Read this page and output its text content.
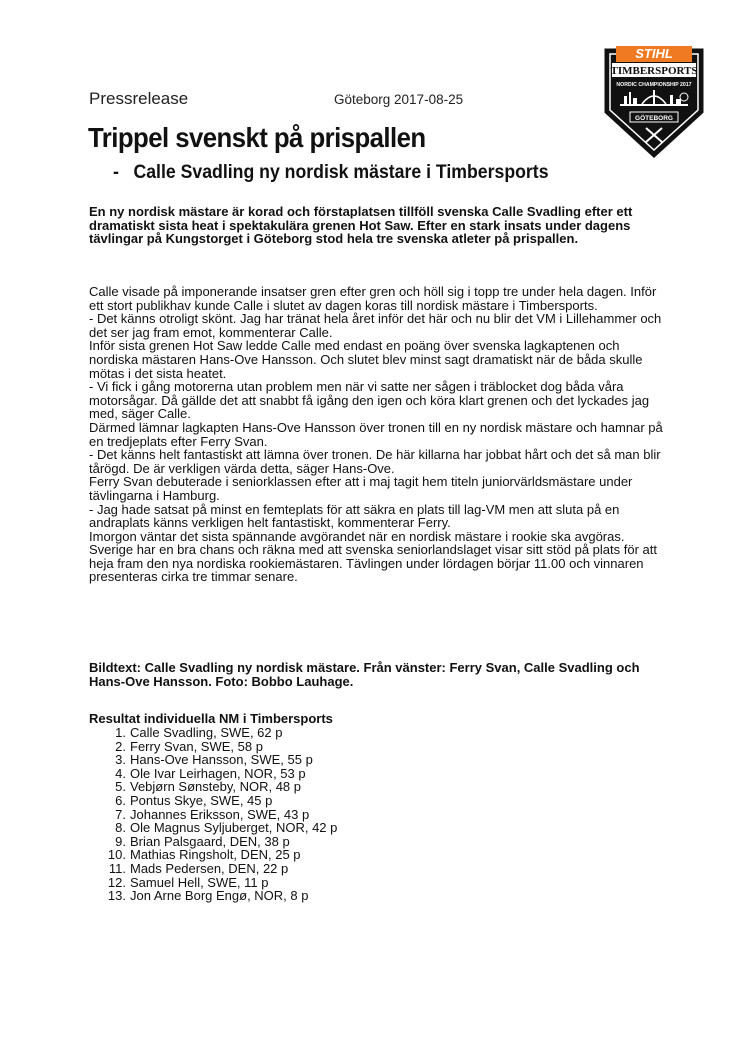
Pressrelease	Göteborg 2017-08-25
STIHL
TIMBERSPORTS
NORDIC CHAMPIONSHIP 2017
GÖTEBORG
Trippel svenskt på prispallen
- Calle Svadling ny nordisk mästare i Timbersports
En ny nordisk mästare är korad och förstaplatsen tillföll svenska Calle Svadling efter ett dramatiskt sista heat i spektakulära grenen Hot Saw. Efter en stark insats under dagens tävlingar på Kungstorget i Göteborg stod hela tre svenska atleter på prispallen.

Calle visade på imponerande insatser gren efter gren och höll sig i topp tre under hela dagen. Inför ett stort publikhav kunde Calle i slutet av dagen koras till nordisk mästare i Timbersports.

- Det känns otroligt skönt. Jag har tränat hela året inför det här och nu blir det VM i Lillehammer och det ser jag fram emot, kommenterar Calle.

Inför sista grenen Hot Saw ledde Calle med endast en poäng över svenska lagkaptenen och nordiska mästaren Hans-Ove Hansson. Och slutet blev minst sagt dramatiskt när de båda skulle mötas i det sista heatet.

- Vi fick i gång motorerna utan problem men när vi satte ner sågen i träblocket dog båda våra motorsågar. Då gällde det att snabbt få igång den igen och köra klart grenen och det lyckades jag med, säger Calle.

Därmed lämnar lagkapten Hans-Ove Hansson över tronen till en ny nordisk mästare och hamnar på en tredjeplats efter Ferry Svan.

- Det känns helt fantastiskt att lämna över tronen. De här killarna har jobbat hårt och det så man blir tårögd. De är verkligen värda detta, säger Hans-Ove.

Ferry Svan debuterade i seniorklassen efter att i maj tagit hem titeln juniorvärldsmästare under tävlingarna i Hamburg.

- Jag hade satsat på minst en femteplats för att säkra en plats till lag-VM men att sluta på en andraplats känns verkligen helt fantastiskt, kommenterar Ferry.

Imorgon väntar det sista spännande avgörandet när en nordisk mästare i rookie ska avgöras. Sverige har en bra chans och räkna med att svenska seniorlandslaget visar sitt stöd på plats för att heja fram den nya nordiska rookiemästaren. Tävlingen under lördagen börjar 11.00 och vinnaren presenteras cirka tre timmar senare.

Bildtext: Calle Svadling ny nordisk mästare. Från vänster: Ferry Svan, Calle Svadling och Hans-Ove Hansson. Foto: Bobbo Lauhage.
Resultat individuella NM i Timbersports
1. Calle Svadling, SWE, 62 p
2. Ferry Svan, SWE, 58 p
3. Hans-Ove Hansson, SWE, 55 p
4. Ole Ivar Leirhagen, NOR, 53 p
5. Vebjørn Sønsteby, NOR, 48 p
6. Pontus Skye, SWE, 45 p
7. Johannes Eriksson, SWE, 43 p
8. Ole Magnus Syljuberget, NOR, 42 p
9. Brian Palsgaard, DEN, 38 p
10. Mathias Ringsholt, DEN, 25 p
11. Mads Pedersen, DEN, 22 p
12. Samuel Hell, SWE, 11 p
13. Jon Arne Borg Engø, NOR, 8 p
